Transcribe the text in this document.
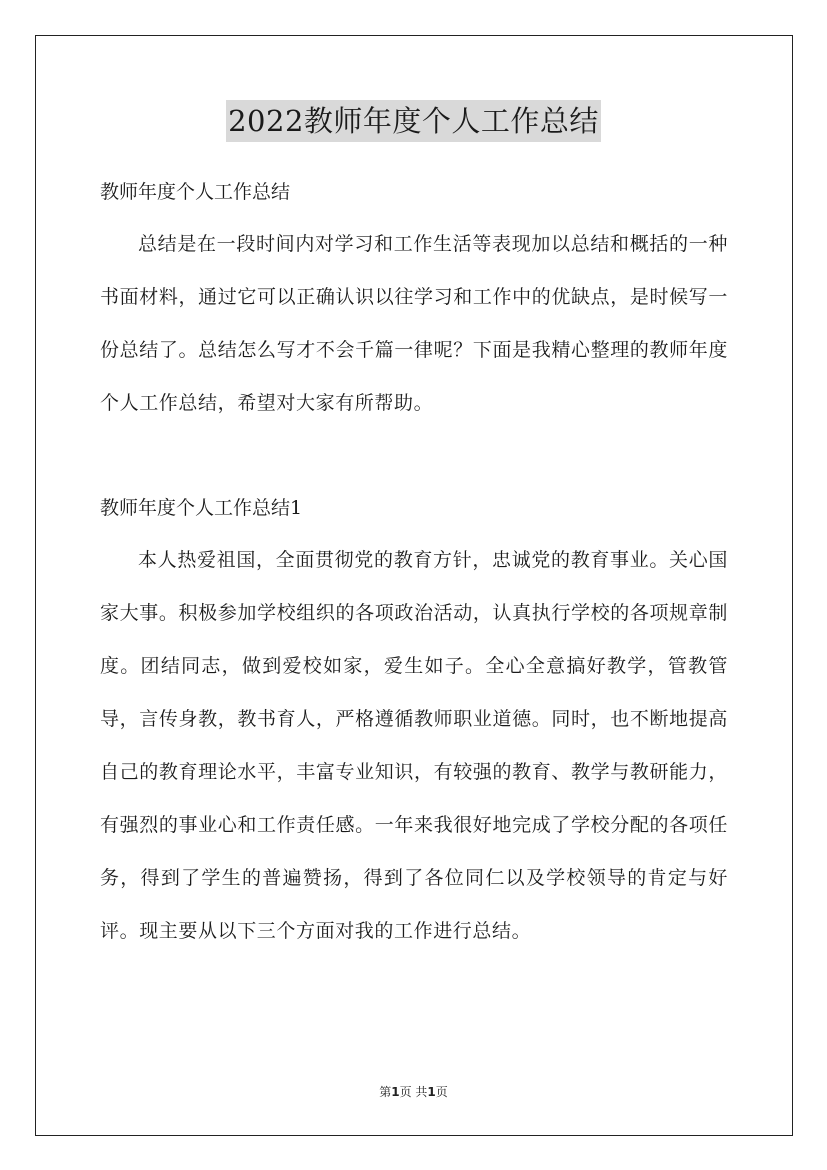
2022教师年度个人工作总结
教师年度个人工作总结

总结是在一段时间内对学习和工作生活等表现加以总结和概括的一种书面材料，通过它可以正确认识以往学习和工作中的优缺点，是时候写一份总结了。总结怎么写才不会千篇一律呢？下面是我精心整理的教师年度个人工作总结，希望对大家有所帮助。

教师年度个人工作总结1

本人热爱祖国，全面贯彻党的教育方针，忠诚党的教育事业。关心国家大事。积极参加学校组织的各项政治活动，认真执行学校的各项规章制度。团结同志，做到爱校如家，爱生如子。全心全意搞好教学，管教管导，言传身教，教书育人，严格遵循教师职业道德。同时，也不断地提高自己的教育理论水平，丰富专业知识，有较强的教育、教学与教研能力，有强烈的事业心和工作责任感。一年来我很好地完成了学校分配的各项任务，得到了学生的普遍赞扬，得到了各位同仁以及学校领导的肯定与好评。现主要从以下三个方面对我的工作进行总结。

第1页 共1页
